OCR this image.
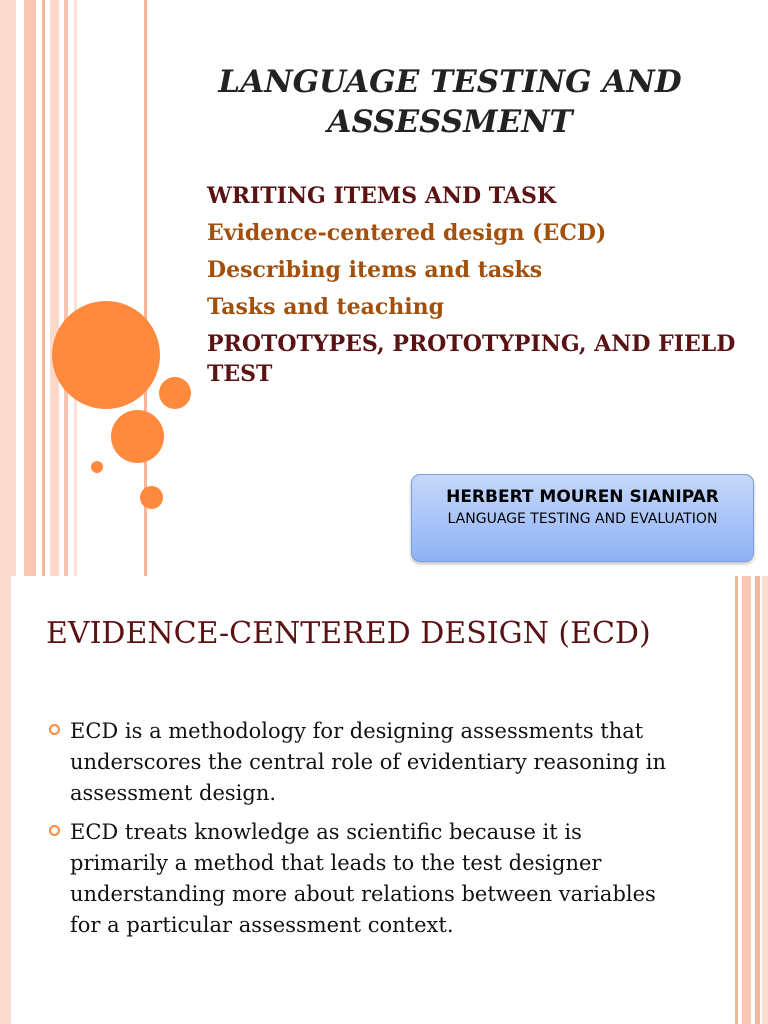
LANGUAGE TESTING AND ASSESSMENT

WRITING ITEMS AND TASK

Evidence-centered design (ECD)

Describing items and tasks

Tasks and teaching

PROTOTYPES, PROTOTYPING, AND FIELD TEST

HERBERT MOUREN SIANIPAR
LANGUAGE TESTING AND EVALUATION
EVIDENCE-CENTERED DESIGN (ECD)
ECD is a methodology for designing assessments that underscores the central role of evidentiary reasoning in assessment design.
ECD treats knowledge as scientific because it is primarily a method that leads to the test designer understanding more about relations between variables for a particular assessment context.
